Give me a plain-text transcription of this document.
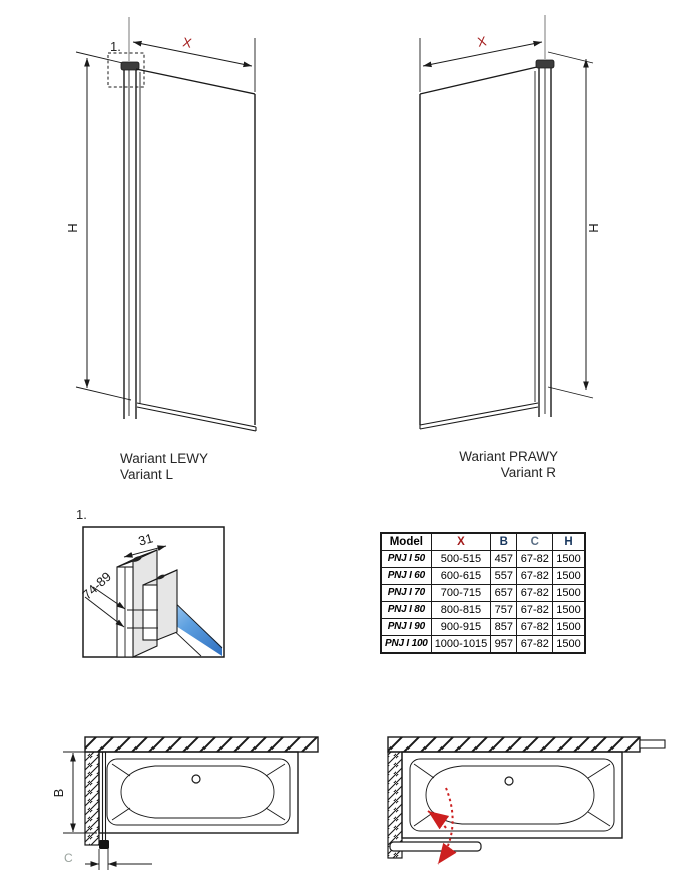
H
X
1.
Wariant LEWY
Variant L
X
H
Wariant PRAWY
Variant R
1.
31
74-89
B
C
Model	X	B	C	H
PNJ I 50	500-515	457	67-82	1500
PNJ I 60	600-615	557	67-82	1500
PNJ I 70	700-715	657	67-82	1500
PNJ I 80	800-815	757	67-82	1500
PNJ I 90	900-915	857	67-82	1500
PNJ I 100	1000-1015	957	67-82	1500
